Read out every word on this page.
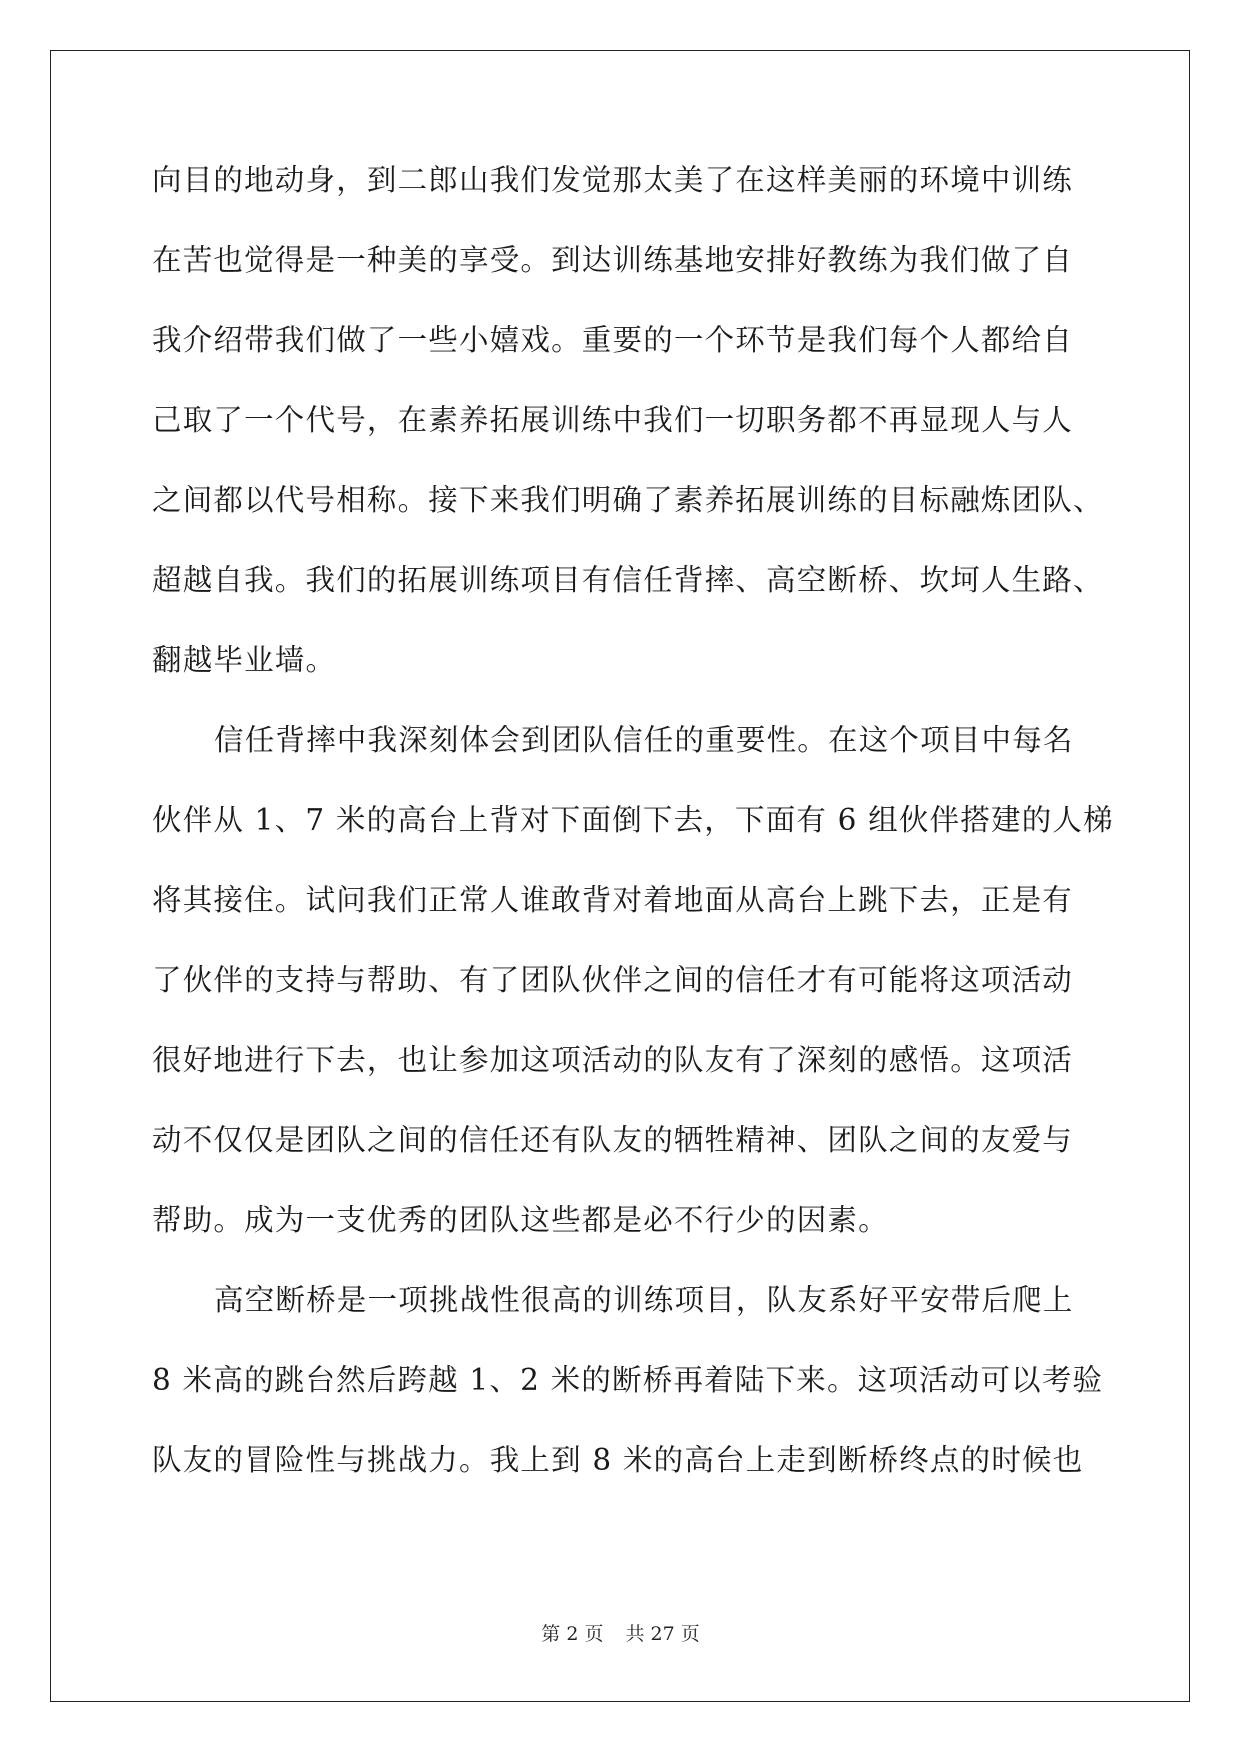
向目的地动身，到二郎山我们发觉那太美了在这样美丽的环境中训练

在苦也觉得是一种美的享受。到达训练基地安排好教练为我们做了自

我介绍带我们做了一些小嬉戏。重要的一个环节是我们每个人都给自

己取了一个代号，在素养拓展训练中我们一切职务都不再显现人与人

之间都以代号相称。接下来我们明确了素养拓展训练的目标融炼团队、

超越自我。我们的拓展训练项目有信任背摔、高空断桥、坎坷人生路、

翻越毕业墙。

信任背摔中我深刻体会到团队信任的重要性。在这个项目中每名

伙伴从 1、7 米的高台上背对下面倒下去，下面有 6 组伙伴搭建的人梯

将其接住。试问我们正常人谁敢背对着地面从高台上跳下去，正是有

了伙伴的支持与帮助、有了团队伙伴之间的信任才有可能将这项活动

很好地进行下去，也让参加这项活动的队友有了深刻的感悟。这项活

动不仅仅是团队之间的信任还有队友的牺牲精神、团队之间的友爱与

帮助。成为一支优秀的团队这些都是必不行少的因素。

高空断桥是一项挑战性很高的训练项目，队友系好平安带后爬上

8 米高的跳台然后跨越 1、2 米的断桥再着陆下来。这项活动可以考验

队友的冒险性与挑战力。我上到 8 米的高台上走到断桥终点的时候也

第 2 页 共 27 页
